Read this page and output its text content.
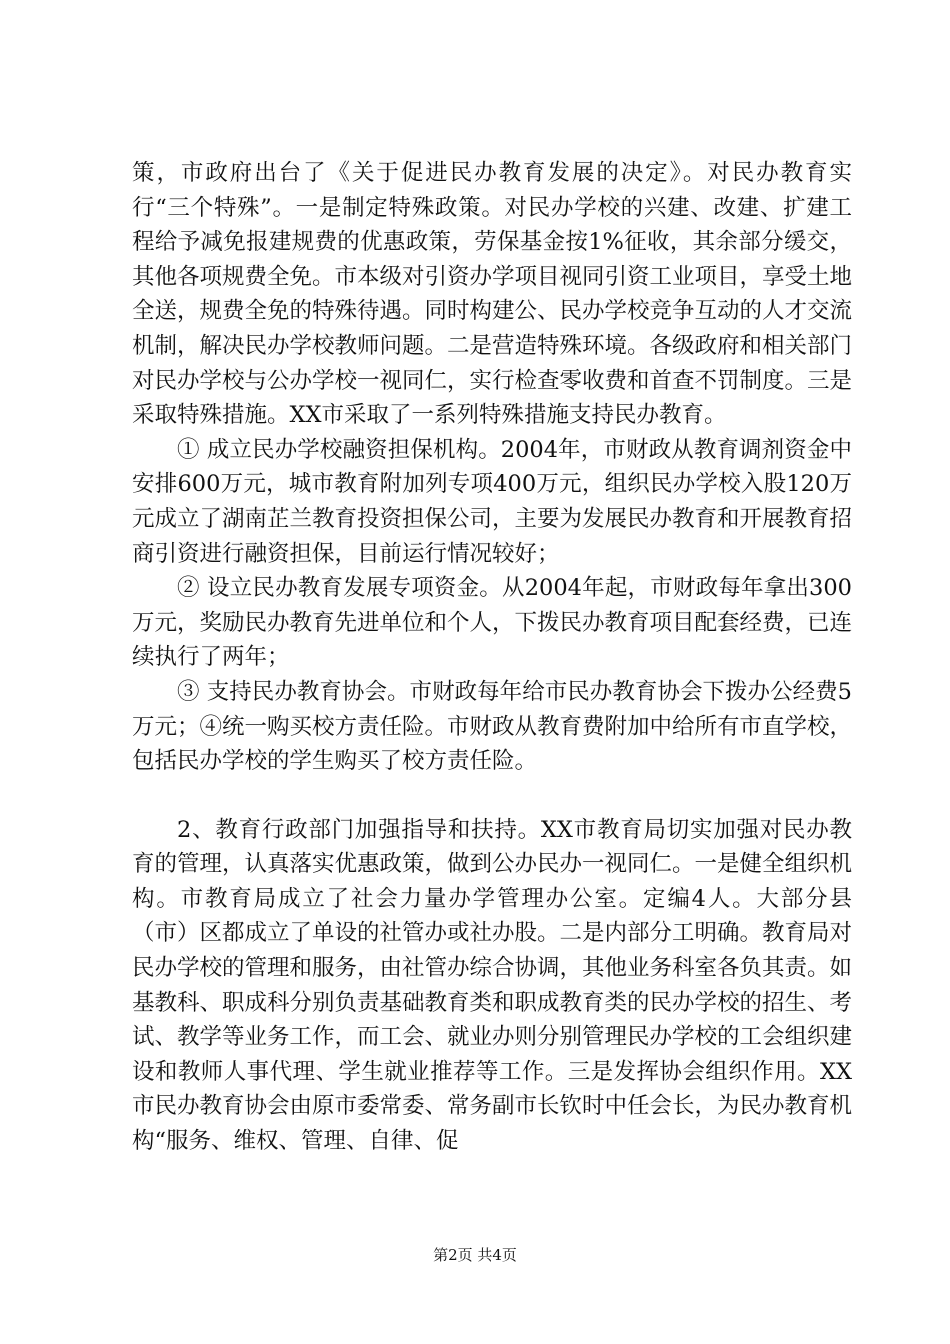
策，市政府出台了《关于促进民办教育发展的决定》。对民办教育实行“三个特殊”。一是制定特殊政策。对民办学校的兴建、改建、扩建工程给予减免报建规费的优惠政策，劳保基金按1%征收，其余部分缓交，其他各项规费全免。市本级对引资办学项目视同引资工业项目，享受土地全送，规费全免的特殊待遇。同时构建公、民办学校竞争互动的人才交流机制，解决民办学校教师问题。二是营造特殊环境。各级政府和相关部门对民办学校与公办学校一视同仁，实行检查零收费和首查不罚制度。三是采取特殊措施。XX市采取了一系列特殊措施支持民办教育。

① 成立民办学校融资担保机构。2004年，市财政从教育调剂资金中安排600万元，城市教育附加列专项400万元，组织民办学校入股120万元成立了湖南芷兰教育投资担保公司，主要为发展民办教育和开展教育招商引资进行融资担保，目前运行情况较好；

② 设立民办教育发展专项资金。从2004年起，市财政每年拿出300万元，奖励民办教育先进单位和个人，下拨民办教育项目配套经费，已连续执行了两年；

③ 支持民办教育协会。市财政每年给市民办教育协会下拨办公经费5万元；④统一购买校方责任险。市财政从教育费附加中给所有市直学校，包括民办学校的学生购买了校方责任险。

2、教育行政部门加强指导和扶持。XX市教育局切实加强对民办教育的管理，认真落实优惠政策，做到公办民办一视同仁。一是健全组织机构。市教育局成立了社会力量办学管理办公室。定编4人。大部分县（市）区都成立了单设的社管办或社办股。二是内部分工明确。教育局对民办学校的管理和服务，由社管办综合协调，其他业务科室各负其责。如基教科、职成科分别负责基础教育类和职成教育类的民办学校的招生、考试、教学等业务工作，而工会、就业办则分别管理民办学校的工会组织建设和教师人事代理、学生就业推荐等工作。三是发挥协会组织作用。XX市民办教育协会由原市委常委、常务副市长钦时中任会长，为民办教育机构“服务、维权、管理、自律、促

第2页 共4页
